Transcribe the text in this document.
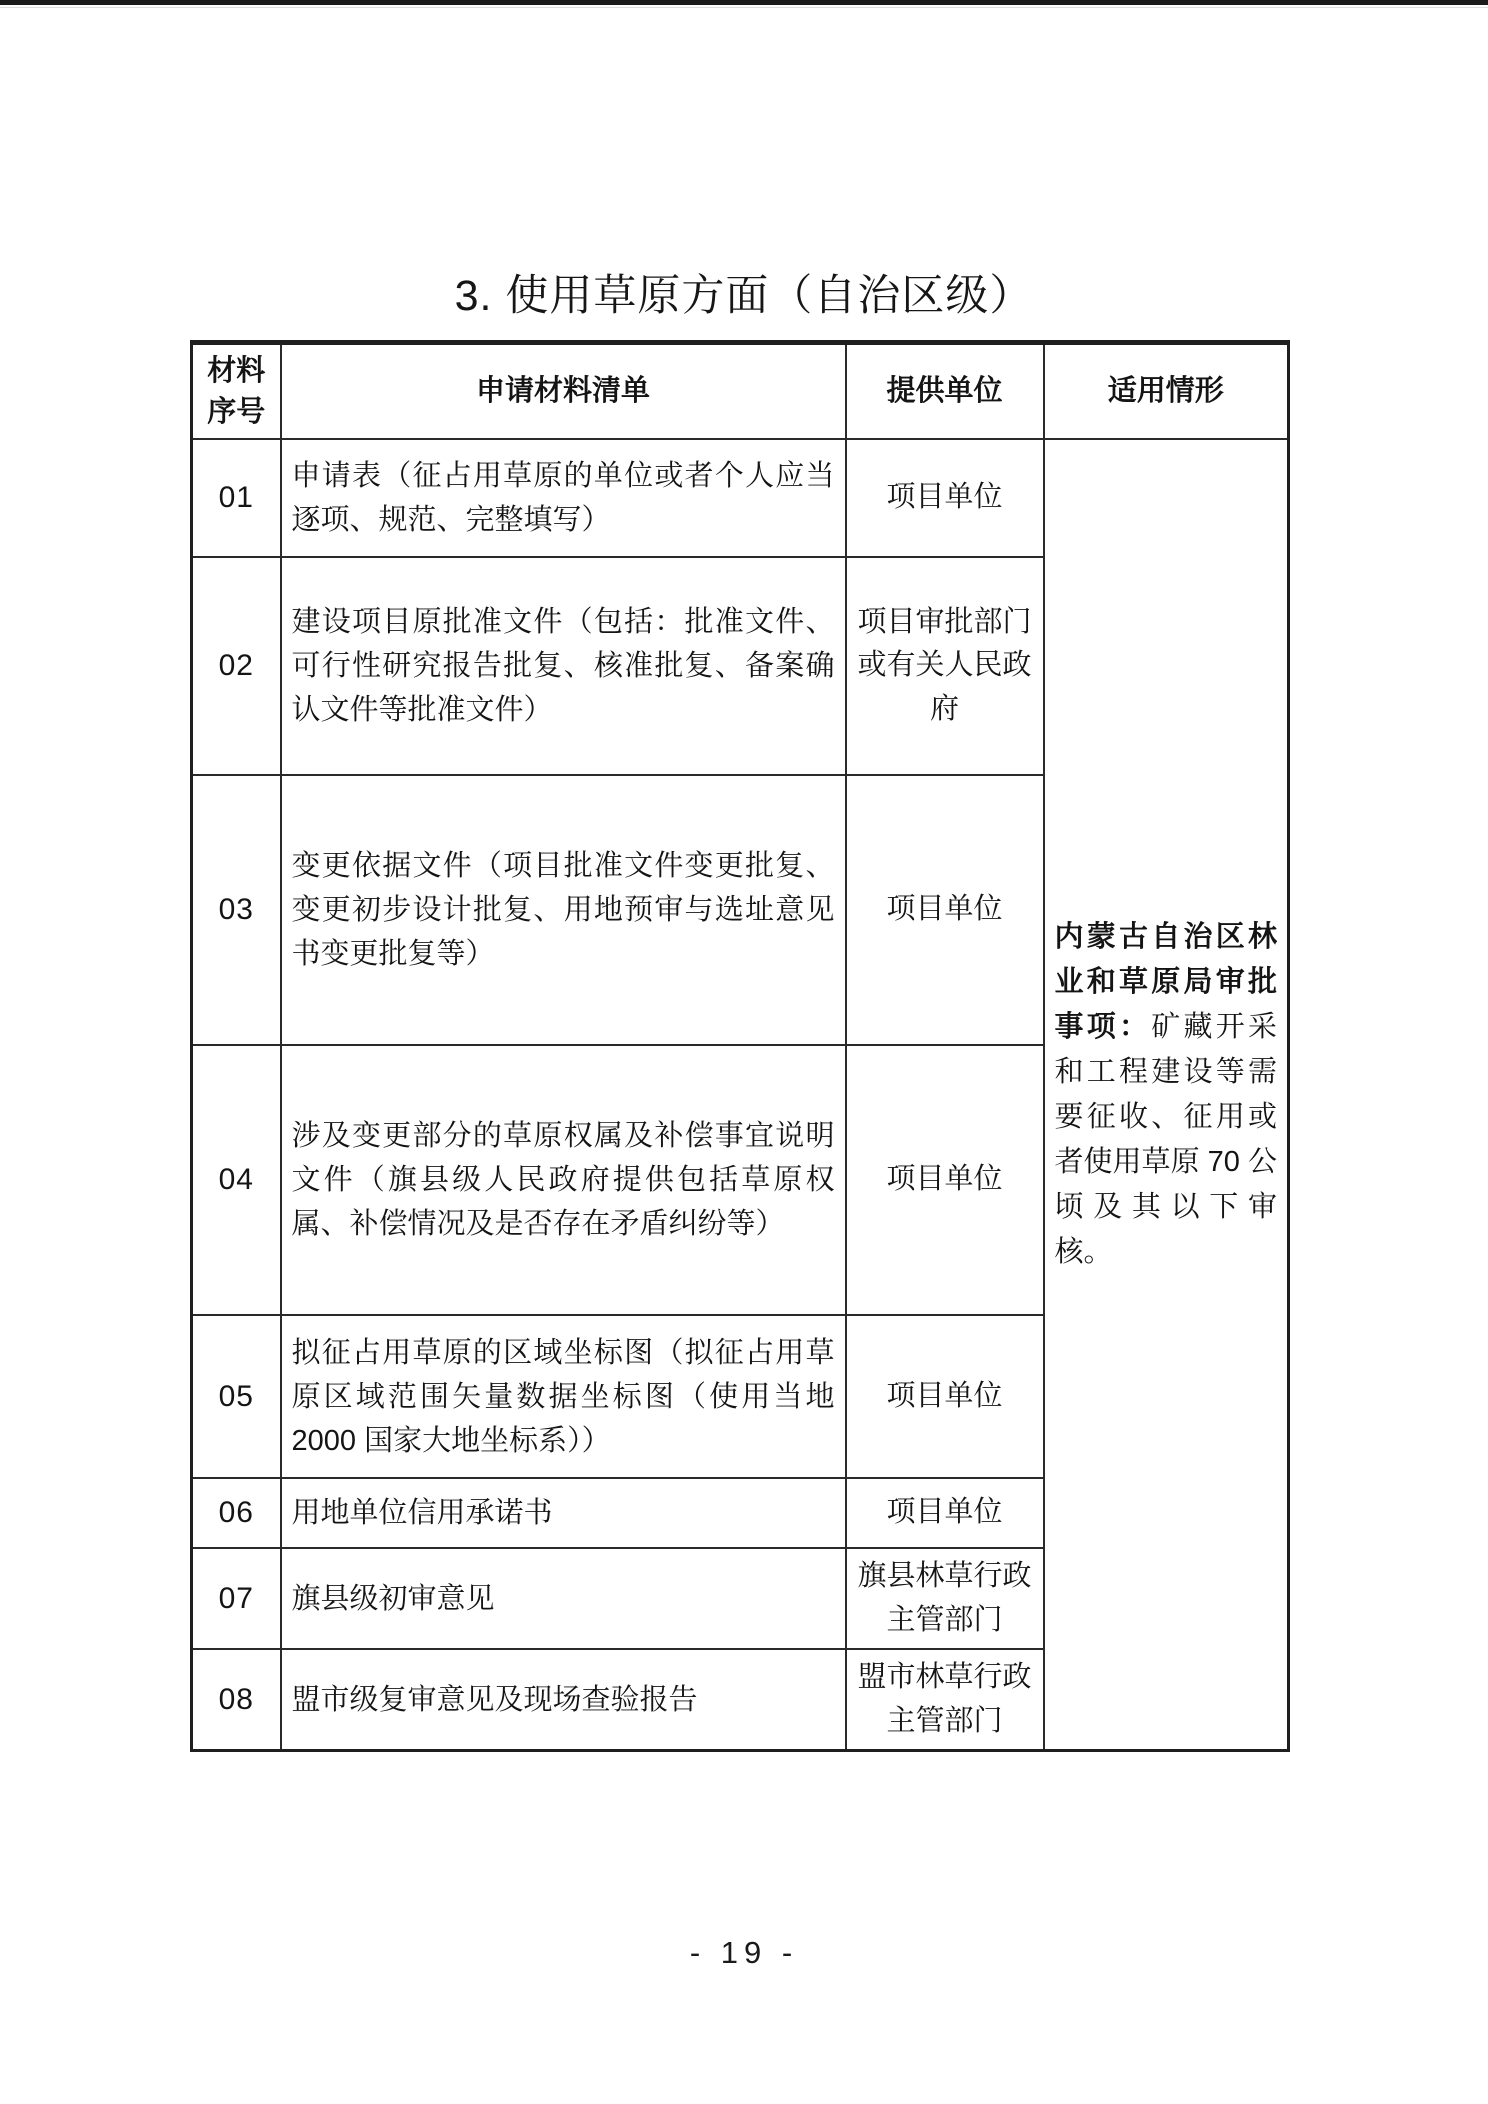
3. 使用草原方面（自治区级）
材料序号	申请材料清单	提供单位	适用情形
01	申请表（征占用草原的单位或者个人应当逐项、规范、完整填写）	项目单位	内蒙古自治区林业和草原局审批事项：矿藏开采和工程建设等需要征收、征用或者使用草原 70 公顷及其以下审核。
02	建设项目原批准文件（包括：批准文件、可行性研究报告批复、核准批复、备案确认文件等批准文件）	项目审批部门或有关人民政府	
03	变更依据文件（项目批准文件变更批复、变更初步设计批复、用地预审与选址意见书变更批复等）	项目单位	
04	涉及变更部分的草原权属及补偿事宜说明文件（旗县级人民政府提供包括草原权属、补偿情况及是否存在矛盾纠纷等）	项目单位	
05	拟征占用草原的区域坐标图（拟征占用草原区域范围矢量数据坐标图（使用当地 2000 国家大地坐标系））	项目单位	
06	用地单位信用承诺书	项目单位	
07	旗县级初审意见	旗县林草行政主管部门	
08	盟市级复审意见及现场查验报告	盟市林草行政主管部门	
- 19 -
